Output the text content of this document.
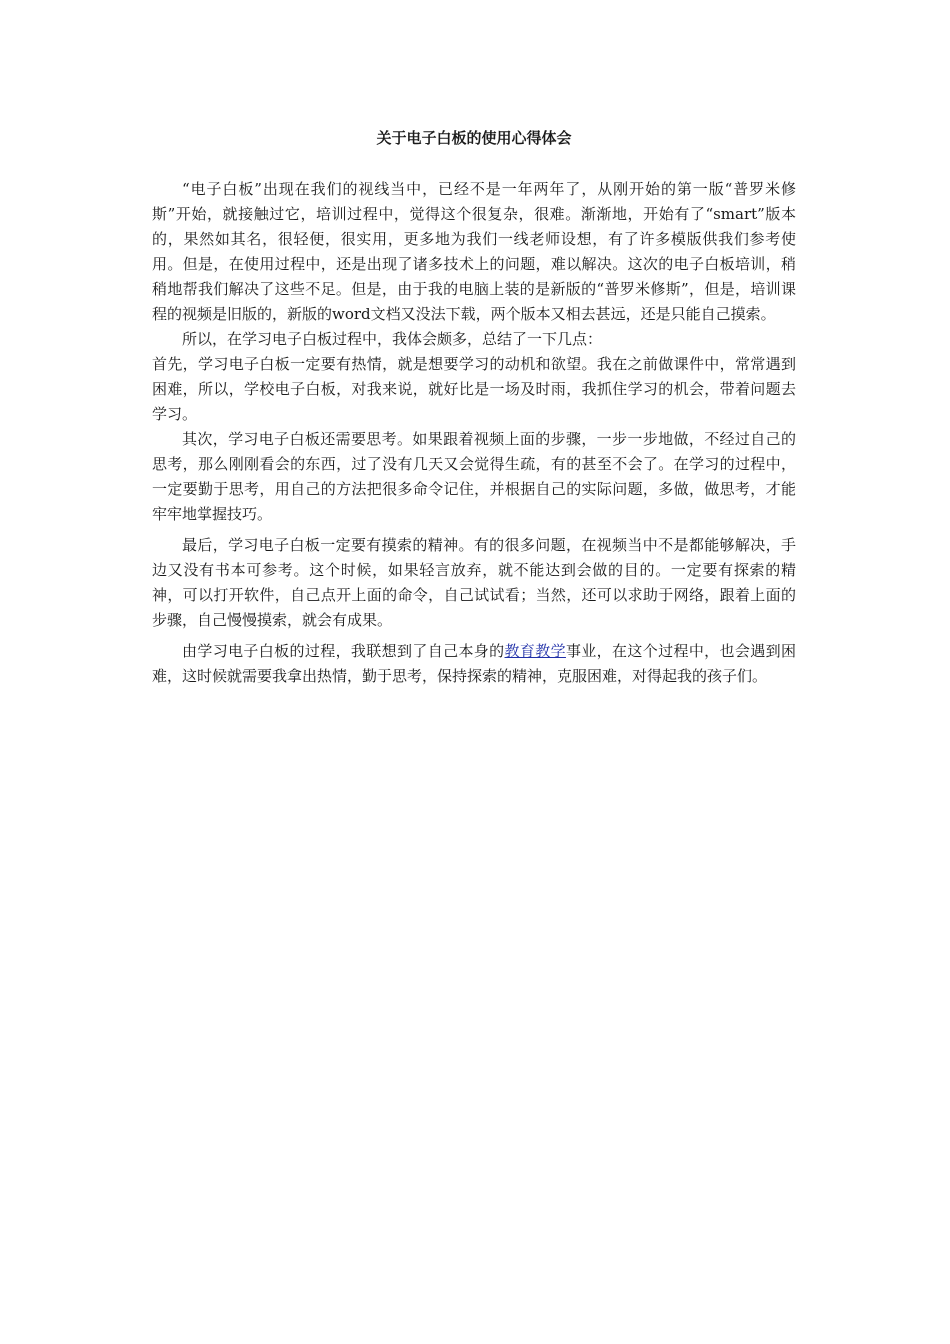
关于电子白板的使用心得体会

“电子白板”出现在我们的视线当中，已经不是一年两年了，从刚开始的第一版“普罗米修斯”开始，就接触过它，培训过程中，觉得这个很复杂，很难。渐渐地，开始有了“smart”版本的，果然如其名，很轻便，很实用，更多地为我们一线老师设想，有了许多模版供我们参考使用。但是，在使用过程中，还是出现了诸多技术上的问题，难以解决。这次的电子白板培训，稍稍地帮我们解决了这些不足。但是，由于我的电脑上装的是新版的“普罗米修斯”，但是，培训课程的视频是旧版的，新版的word文档又没法下载，两个版本又相去甚远，还是只能自己摸索。

所以，在学习电子白板过程中，我体会颇多，总结了一下几点：

首先，学习电子白板一定要有热情，就是想要学习的动机和欲望。我在之前做课件中，常常遇到困难，所以，学校电子白板，对我来说，就好比是一场及时雨，我抓住学习的机会，带着问题去学习。

其次，学习电子白板还需要思考。如果跟着视频上面的步骤，一步一步地做，不经过自己的思考，那么刚刚看会的东西，过了没有几天又会觉得生疏，有的甚至不会了。在学习的过程中，一定要勤于思考，用自己的方法把很多命令记住，并根据自己的实际问题，多做，做思考，才能牢牢地掌握技巧。

最后，学习电子白板一定要有摸索的精神。有的很多问题，在视频当中不是都能够解决，手边又没有书本可参考。这个时候，如果轻言放弃，就不能达到会做的目的。一定要有探索的精神，可以打开软件，自己点开上面的命令，自己试试看；当然，还可以求助于网络，跟着上面的步骤，自己慢慢摸索，就会有成果。

由学习电子白板的过程，我联想到了自己本身的教育教学事业，在这个过程中，也会遇到困难，这时候就需要我拿出热情，勤于思考，保持探索的精神，克服困难，对得起我的孩子们。
